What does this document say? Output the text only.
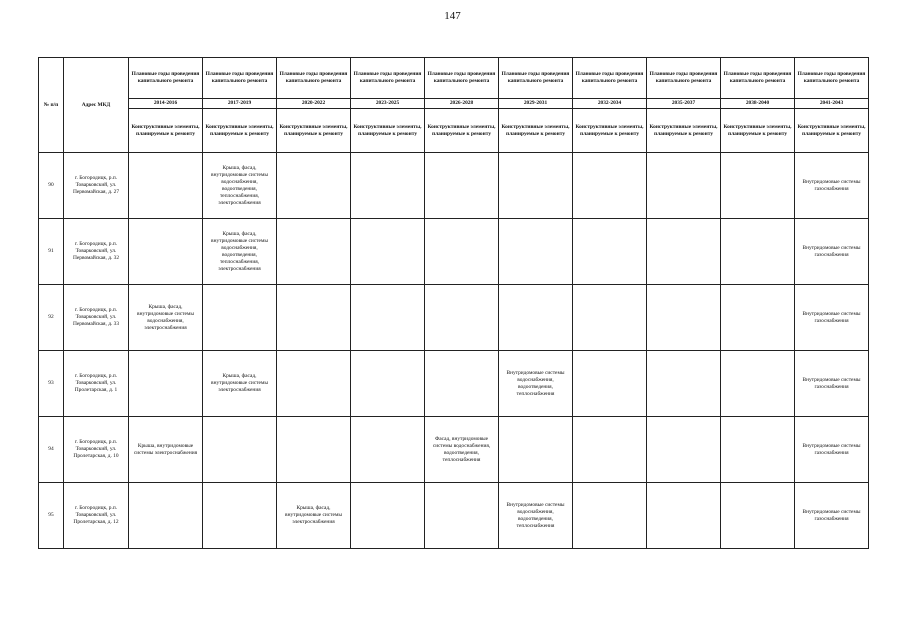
147
№ п/п	Адрес МКД	Плановые годы проведения капитального ремонта	Плановые годы проведения капитального ремонта	Плановые годы проведения капитального ремонта	Плановые годы проведения капитального ремонта	Плановые годы проведения капитального ремонта	Плановые годы проведения капитального ремонта	Плановые годы проведения капитального ремонта	Плановые годы проведения капитального ремонта	Плановые годы проведения капитального ремонта	Плановые годы проведения капитального ремонта
		2014-2016	2017-2019	2020-2022	2023-2025	2026-2028	2029-2031	2032-2034	2035-2037	2038-2040	2041-2043
		Конструктивные элементы, планируемые к ремонту	Конструктивные элементы, планируемые к ремонту	Конструктивные элементы, планируемые к ремонту	Конструктивные элементы, планируемые к ремонту	Конструктивные элементы, планируемые к ремонту	Конструктивные элементы, планируемые к ремонту	Конструктивные элементы, планируемые к ремонту	Конструктивные элементы, планируемые к ремонту	Конструктивные элементы, планируемые к ремонту	Конструктивные элементы, планируемые к ремонту
90	г. Богородицк, р.п. Товарковский, ул. Первомайская, д. 27		Крыша, фасад, внутридомовые системы водоснабжения, водоотведения, теплоснабжения, электроснабжения								Внутридомовые системы газоснабжения
91	г. Богородицк, р.п. Товарковский, ул. Первомайская, д. 32		Крыша, фасад, внутридомовые системы водоснабжения, водоотведения, теплоснабжения, электроснабжения								Внутридомовые системы газоснабжения
92	г. Богородицк, р.п. Товарковский, ул. Первомайская, д. 33	Крыша, фасад, внутридомовые системы водоснабжения, электроснабжения									Внутридомовые системы газоснабжения
93	г. Богородицк, р.п. Товарковский, ул. Пролетарская, д. 1		Крыша, фасад, внутридомовые системы электроснабжения				Внутридомовые системы водоснабжения, водоотведения, теплоснабжения				Внутридомовые системы газоснабжения
94	г. Богородицк, р.п. Товарковский, ул. Пролетарская, д. 10	Крыша, внутридомовые системы электроснабжения				Фасад, внутридомовые системы водоснабжения, водоотведения, теплоснабжения					Внутридомовые системы газоснабжения
95	г. Богородицк, р.п. Товарковский, ул. Пролетарская, д. 12			Крыша, фасад, внутридомовые системы электроснабжения			Внутридомовые системы водоснабжения, водоотведения, теплоснабжения				Внутридомовые системы газоснабжения
